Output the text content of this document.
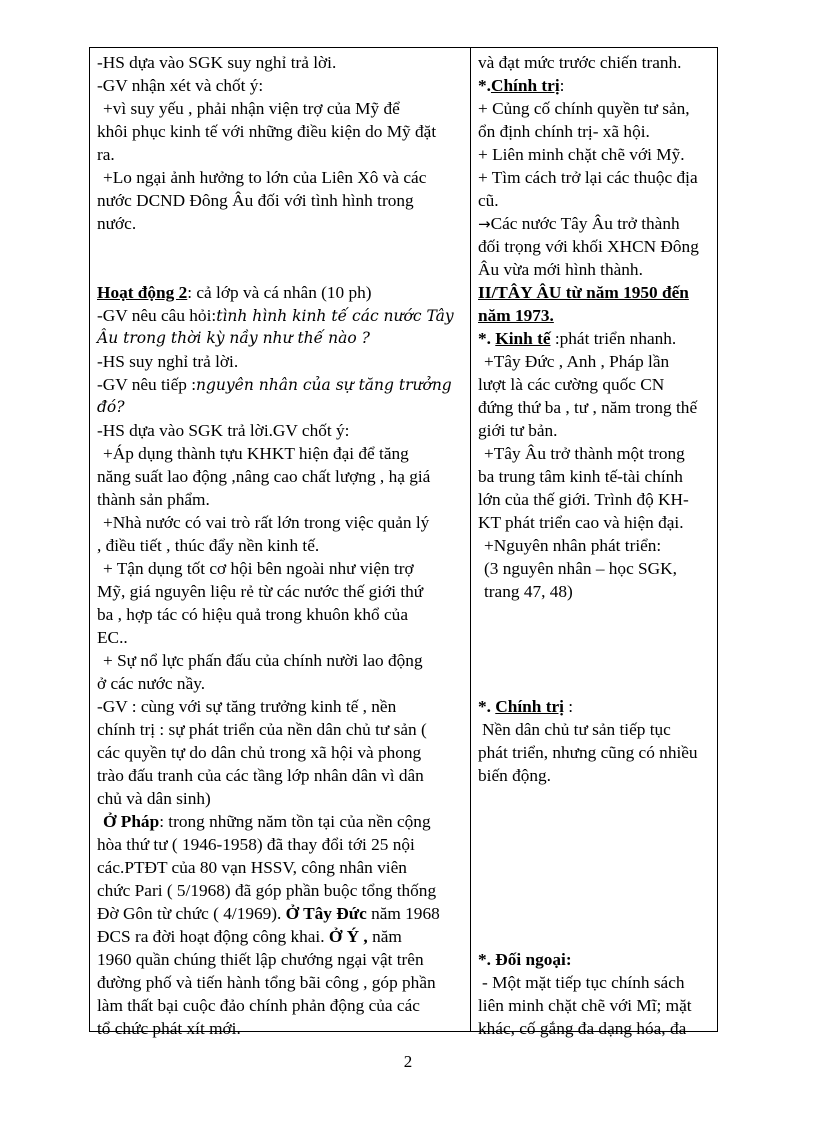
-HS dựa vào SGK suy nghỉ trả lời.
-GV nhận xét và chốt ý:
+vì suy yếu , phải nhận viện trợ của Mỹ để
khôi phục kinh tế với những điều kiện do Mỹ đặt
ra.
+Lo ngại ảnh hưởng to lớn của Liên Xô và các
nước DCND Đông Âu đối với tình hình trong
nước.
Hoạt động 2: cả lớp và cá nhân (10 ph)
-GV nêu câu hỏi:tình hình kinh tế các nước Tây
Âu trong thời kỳ nầy như thế nào ?
-HS suy nghỉ trả lời.
-GV nêu tiếp :nguyên nhân của sự tăng trưởng
đó?
-HS dựa vào SGK trả lời.GV chốt ý:
+Áp dụng thành tựu KHKT hiện đại để tăng
năng suất lao động ,nâng cao chất lượng , hạ giá
thành sản phẩm.
+Nhà nước có vai trò rất lớn trong việc quản lý
, điều tiết , thúc đẩy nền kinh tế.
+ Tận dụng tốt cơ hội bên ngoài như viện trợ
Mỹ, giá nguyên liệu rẻ từ các nước thế giới thứ
ba , hợp tác có hiệu quả trong khuôn khổ của
EC..
+ Sự nổ lực phấn đấu của chính nười lao động
ở các nước nầy.
-GV : cùng với sự tăng trưởng kinh tế , nền
chính trị : sự phát triển của nền dân chủ tư sản (
các quyền tự do dân chủ trong xã hội và phong
trào đấu tranh của các tầng lớp nhân dân vì dân
chủ và dân sinh)
Ở Pháp: trong những năm tồn tại của nền cộng
hòa thứ tư ( 1946-1958) đã thay đổi tới 25 nội
các.PTĐT của 80 vạn HSSV, công nhân viên
chức Pari ( 5/1968) đã góp phần buộc tổng thống
Đờ Gôn từ chức ( 4/1969). Ở Tây Đức năm 1968
ĐCS ra đời hoạt động công khai. Ở Ý , năm
1960 quần chúng thiết lập chướng ngại vật trên
đường phố và tiến hành tổng bãi công , góp phần
làm thất bại cuộc đảo chính phản động của các
tổ chức phát xít mới.
và đạt mức trước chiến tranh.
*.Chính trị:
+ Củng cố chính quyền tư sản,
ổn định chính trị- xã hội.
+ Liên minh chặt chẽ với Mỹ.
+ Tìm cách trở lại các thuộc địa
cũ.
→Các nước Tây Âu trở thành
đối trọng với khối XHCN Đông
Âu vừa mới hình thành.
II/TÂY ÂU từ năm 1950 đến
năm 1973.
*. Kinh tế :phát triển nhanh.
+Tây Đức , Anh , Pháp lần
lượt là các cường quốc CN
đứng thứ ba , tư , năm trong thế
giới tư bản.
+Tây Âu trở thành một trong
ba trung tâm kinh tế-tài chính
lớn của thế giới. Trình độ KH-
KT phát triển cao và hiện đại.
+Nguyên nhân phát triển:
(3 nguyên nhân – học SGK,
trang 47, 48)
*. Chính trị :
Nền dân chủ tư sản tiếp tục
phát triển, nhưng cũng có nhiều
biến động.
*. Đối ngoại:
- Một mặt tiếp tục chính sách
liên minh chặt chẽ với Mĩ; mặt
khác, cố gắng đa dạng hóa, đa
2
